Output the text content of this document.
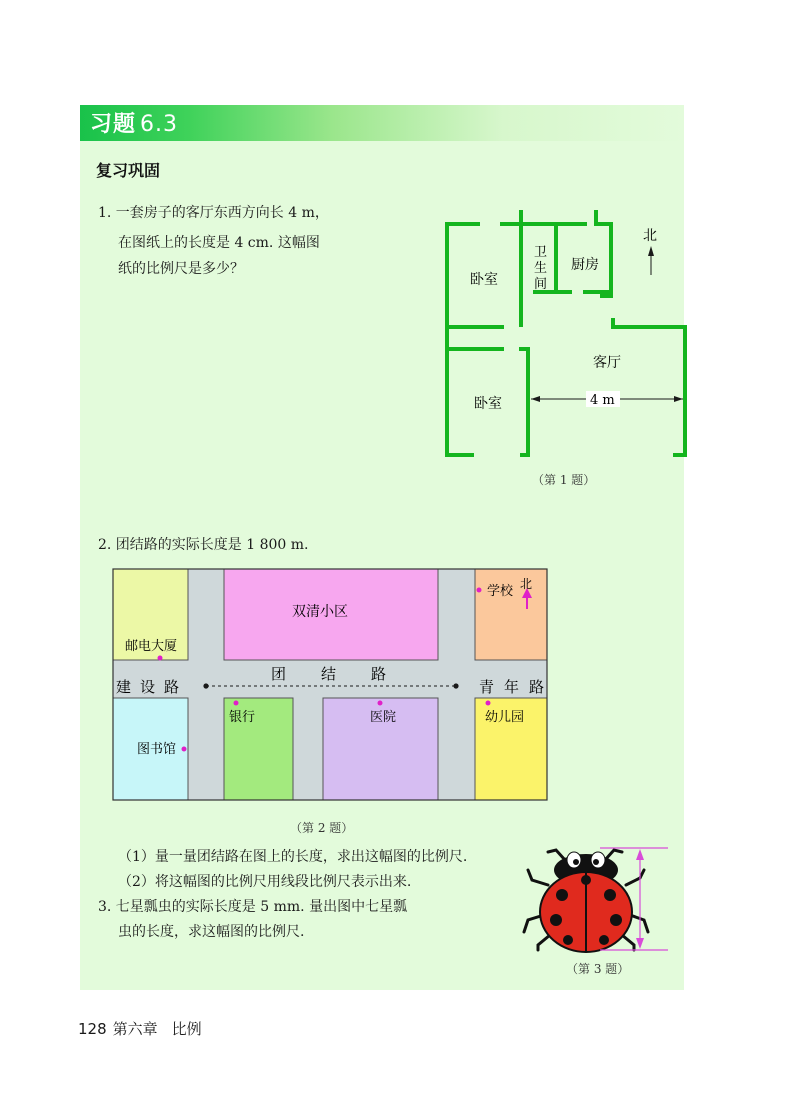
习题 6.3
复习巩固
1. 一套房子的客厅东西方向长 4 m，
在图纸上的长度是 4 cm. 这幅图
纸的比例尺是多少？
北
卧室
卫
生
间
厨房
客厅
卧室	4 m
（第 1 题）
2. 团结路的实际长度是 1 800 m.
邮电大厦
双清小区
学校 北
建 设 路
团 结 路
青 年 路
图书馆
银行	医院	幼儿园
（第 2 题）
（1）量一量团结路在图上的长度，求出这幅图的比例尺.
（2）将这幅图的比例尺用线段比例尺表示出来.
3. 七星瓢虫的实际长度是 5 mm. 量出图中七星瓢
虫的长度，求这幅图的比例尺.
（第 3 题）
128 第六章 比例
